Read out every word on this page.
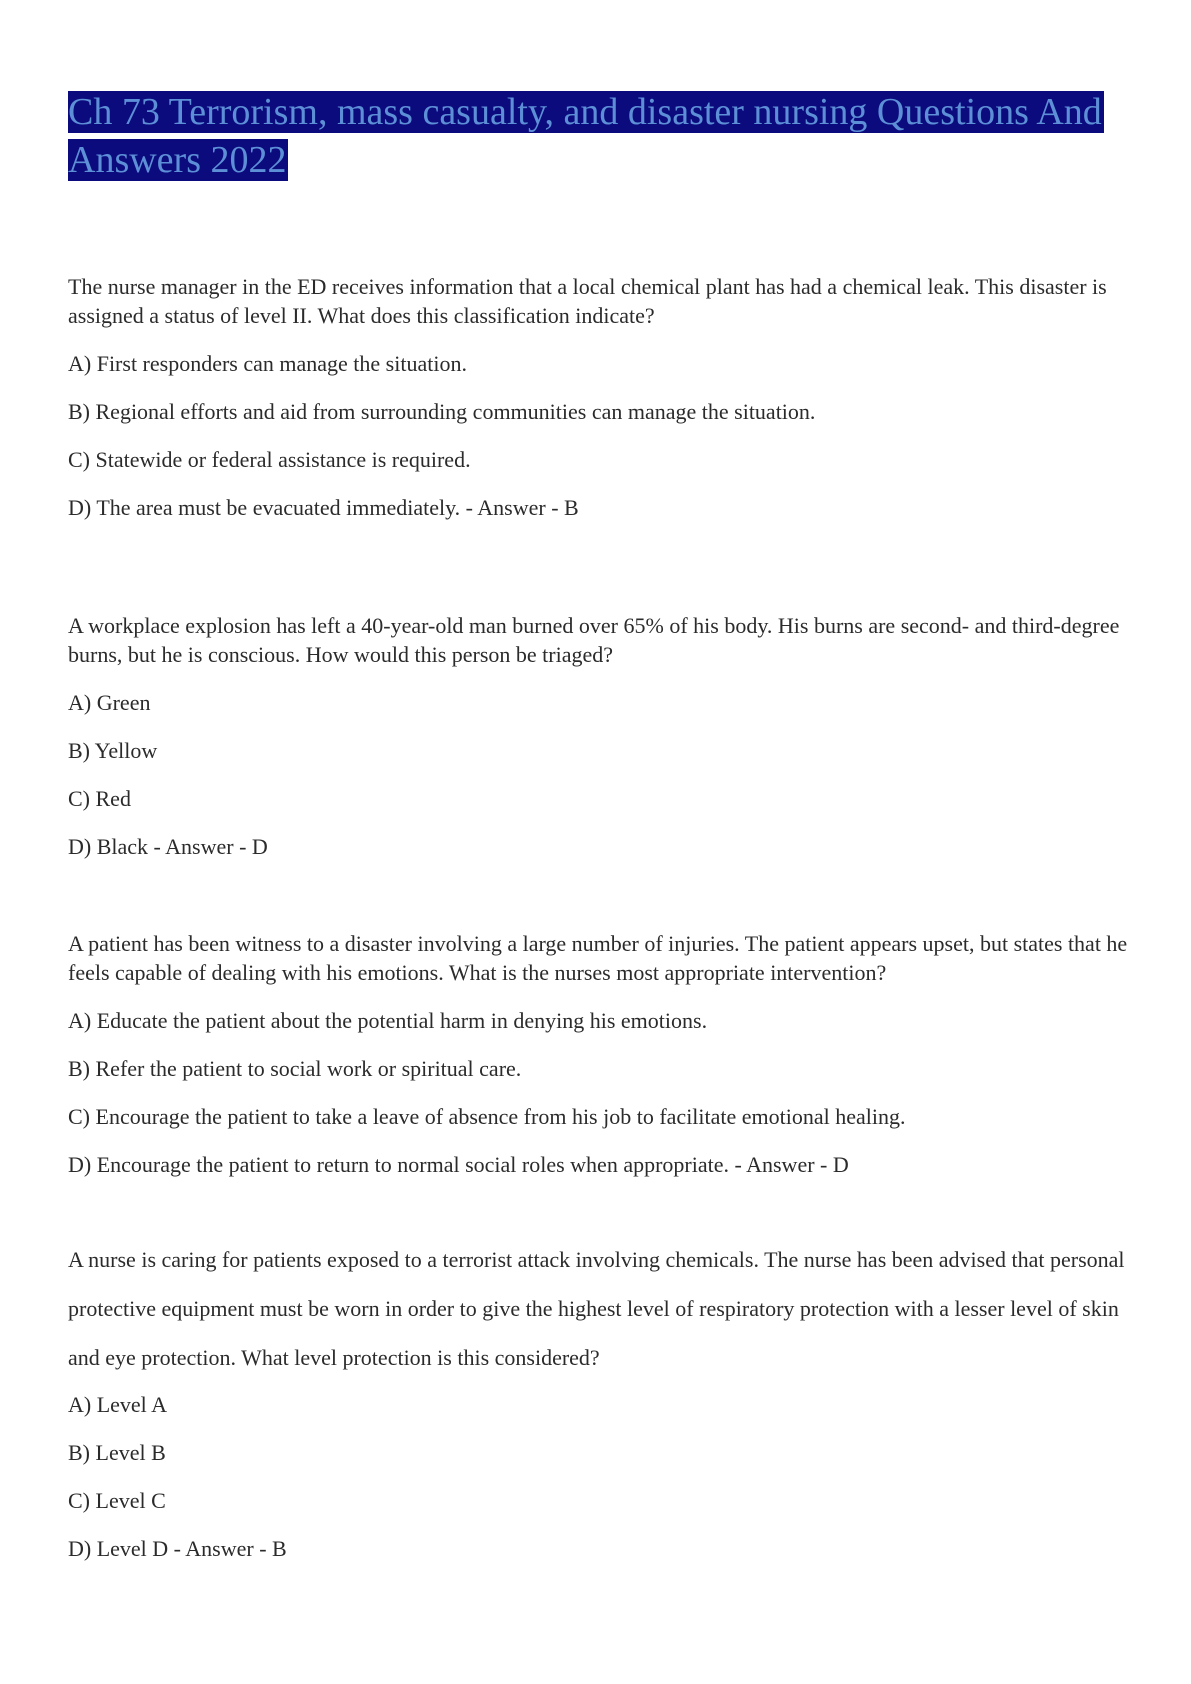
Ch 73 Terrorism, mass casualty, and disaster nursing Questions And Answers 2022

The nurse manager in the ED receives information that a local chemical plant has had a chemical leak. This disaster is assigned a status of level II. What does this classification indicate?

A) First responders can manage the situation.

B) Regional efforts and aid from surrounding communities can manage the situation.

C) Statewide or federal assistance is required.

D) The area must be evacuated immediately. - Answer - B

A workplace explosion has left a 40-year-old man burned over 65% of his body. His burns are second- and third-degree burns, but he is conscious. How would this person be triaged?

A) Green

B) Yellow

C) Red

D) Black - Answer - D

A patient has been witness to a disaster involving a large number of injuries. The patient appears upset, but states that he feels capable of dealing with his emotions. What is the nurses most appropriate intervention?

A) Educate the patient about the potential harm in denying his emotions.

B) Refer the patient to social work or spiritual care.

C) Encourage the patient to take a leave of absence from his job to facilitate emotional healing.

D) Encourage the patient to return to normal social roles when appropriate. - Answer - D

A nurse is caring for patients exposed to a terrorist attack involving chemicals. The nurse has been advised that personal protective equipment must be worn in order to give the highest level of respiratory protection with a lesser level of skin and eye protection. What level protection is this considered?

A) Level A

B) Level B

C) Level C

D) Level D - Answer - B
